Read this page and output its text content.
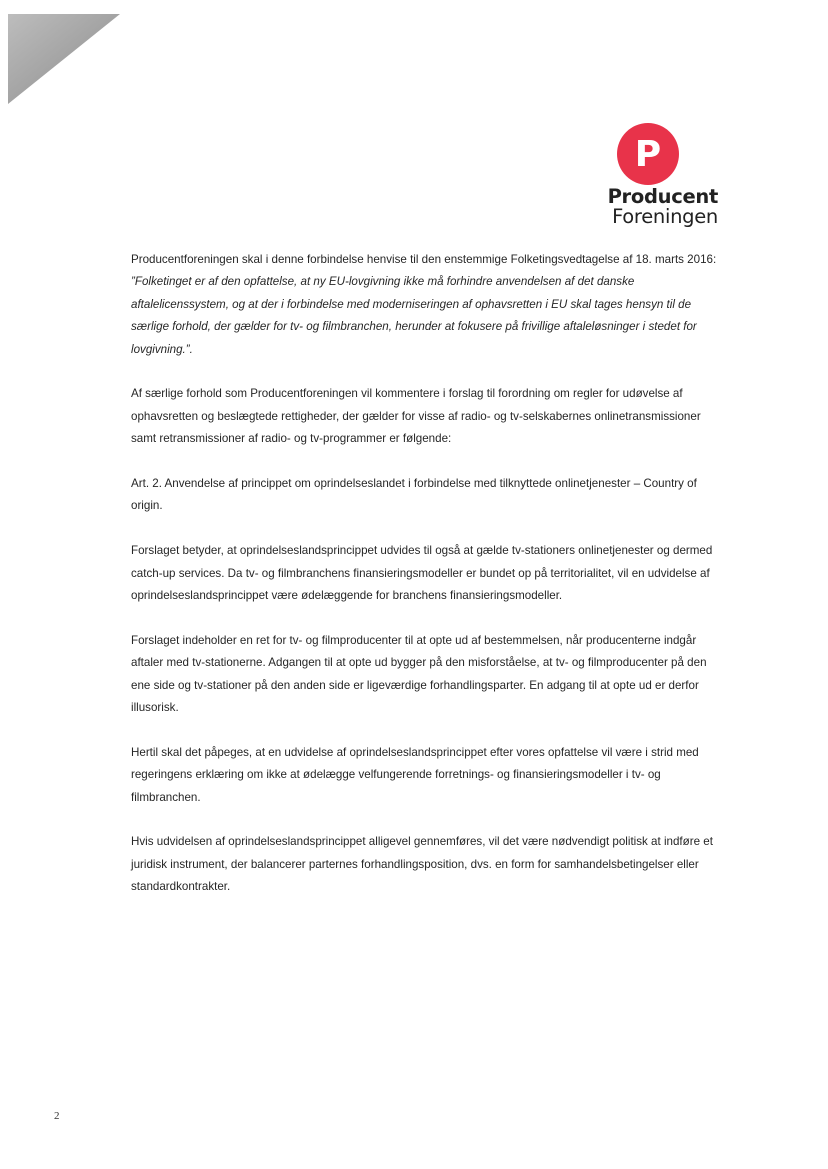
P
Producent
Foreningen

Producentforeningen skal i denne forbindelse henvise til den enstemmige Folketingsvedtagelse af 18. marts 2016:
”Folketinget er af den opfattelse, at ny EU-lovgivning ikke må forhindre anvendelsen af det danske aftalelicenssystem, og at der i forbindelse med moderniseringen af ophavsretten i EU skal tages hensyn til de særlige forhold, der gælder for tv- og filmbranchen, herunder at fokusere på frivillige aftaleløsninger i stedet for lovgivning.”.

Af særlige forhold som Producentforeningen vil kommentere i forslag til forordning om regler for udøvelse af ophavsretten og beslægtede rettigheder, der gælder for visse af radio- og tv-selskabernes onlinetransmissioner samt retransmissioner af radio- og tv-programmer er følgende:

Art. 2. Anvendelse af princippet om oprindelseslandet i forbindelse med tilknyttede onlinetjenester – Country of origin.

Forslaget betyder, at oprindelseslandsprincippet udvides til også at gælde tv-stationers onlinetjenester og dermed catch-up services. Da tv- og filmbranchens finansieringsmodeller er bundet op på territorialitet, vil en udvidelse af oprindelseslandsprincippet være ødelæggende for branchens finansieringsmodeller.

Forslaget indeholder en ret for tv- og filmproducenter til at opte ud af bestemmelsen, når producenterne indgår aftaler med tv-stationerne. Adgangen til at opte ud bygger på den misforståelse, at tv- og filmproducenter på den ene side og tv-stationer på den anden side er ligeværdige forhandlingsparter. En adgang til at opte ud er derfor illusorisk.

Hertil skal det påpeges, at en udvidelse af oprindelseslandsprincippet efter vores opfattelse vil være i strid med regeringens erklæring om ikke at ødelægge velfungerende forretnings- og finansieringsmodeller i tv- og filmbranchen.

Hvis udvidelsen af oprindelseslandsprincippet alligevel gennemføres, vil det være nødvendigt politisk at indføre et juridisk instrument, der balancerer parternes forhandlingsposition, dvs. en form for samhandelsbetingelser eller standardkontrakter.

2
